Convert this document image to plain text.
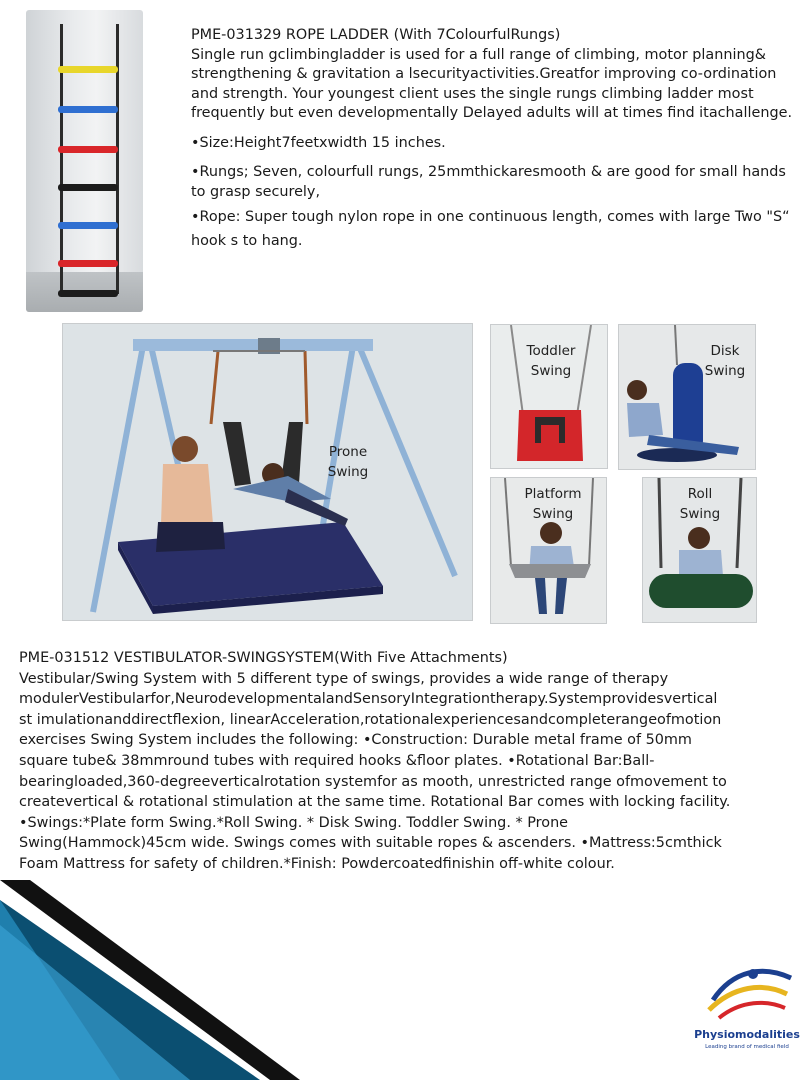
PME-031329 ROPE LADDER (With 7ColourfulRungs)

Single run gclimbingladder is used for a full range of climbing, motor planning& strengthening & gravitation a lsecurityactivities.Greatfor improving co-ordination and strength. Your youngest client uses the single rungs climbing ladder most frequently but even developmentally Delayed adults will at times find itachallenge.

•Size:Height7feetxwidth 15 inches.

•Rungs; Seven, colourfull rungs, 25mmthickaresmooth & are good for small hands to grasp securely,

•Rope: Super tough nylon rope in one continuous length, comes with large Two "S“

hook s to hang.

Prone
Swing
Toddler
Swing
Disk
Swing
Platform
Swing
Roll
Swing
PME-031512 VESTIBULATOR-SWINGSYSTEM(With Five Attachments)
Vestibular/Swing System with 5 different type of swings, provides a wide range of therapy
modulerVestibularfor,NeurodevelopmentalandSensoryIntegrationtherapy.Systemprovidesvertical
st imulationanddirectflexion, linearAcceleration,rotationalexperiencesandcompleterangeofmotion
exercises Swing System includes the following: •Construction: Durable metal frame of 50mm
square tube& 38mmround tubes with required hooks &floor plates. •Rotational Bar:Ball-
bearingloaded,360-degreeverticalrotation systemfor as mooth, unrestricted range ofmovement to
createvertical & rotational stimulation at the same time. Rotational Bar comes with locking facility.
•Swings:*Plate form Swing.*Roll Swing. * Disk Swing. Toddler Swing. * Prone
Swing(Hammock)45cm wide. Swings comes with suitable ropes & ascenders. •Mattress:5cmthick
Foam Mattress for safety of children.*Finish: Powdercoatedfinishin off-white colour.
Physiomodalities
Leading brand of medical field
